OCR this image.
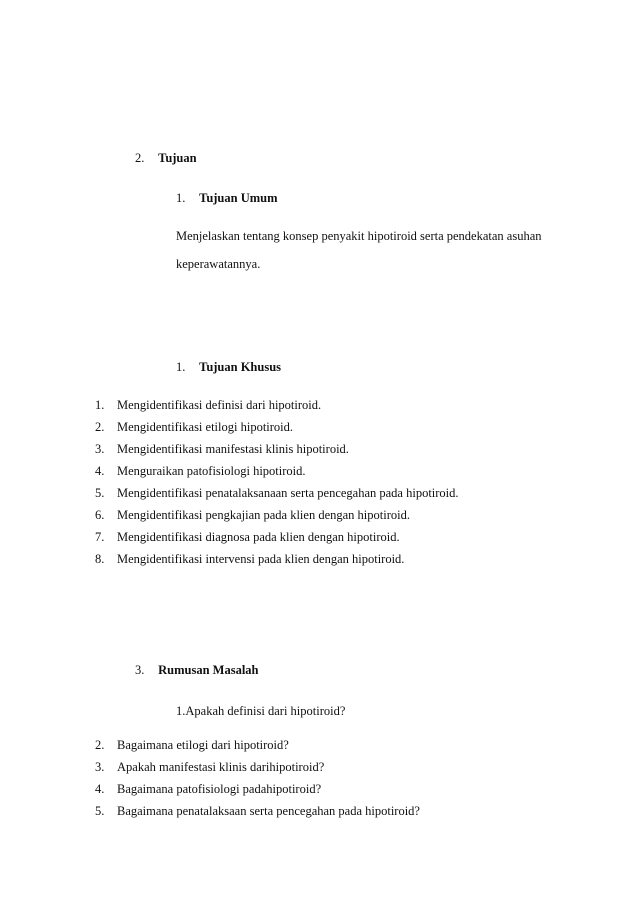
2. Tujuan
1. Tujuan Umum
Menjelaskan tentang konsep penyakit hipotiroid serta pendekatan asuhan keperawatannya.
1. Tujuan Khusus
1. Mengidentifikasi definisi dari hipotiroid.
2. Mengidentifikasi etilogi hipotiroid.
3. Mengidentifikasi manifestasi klinis hipotiroid.
4. Menguraikan patofisiologi hipotiroid.
5. Mengidentifikasi penatalaksanaan serta pencegahan pada hipotiroid.
6. Mengidentifikasi pengkajian pada klien dengan hipotiroid.
7. Mengidentifikasi diagnosa pada klien dengan hipotiroid.
8. Mengidentifikasi intervensi pada klien dengan hipotiroid.
3. Rumusan Masalah
1.Apakah definisi dari hipotiroid?
2. Bagaimana etilogi dari hipotiroid?
3. Apakah manifestasi klinis darihipotiroid?
4. Bagaimana patofisiologi padahipotiroid?
5. Bagaimana penatalaksaan serta pencegahan pada hipotiroid?
